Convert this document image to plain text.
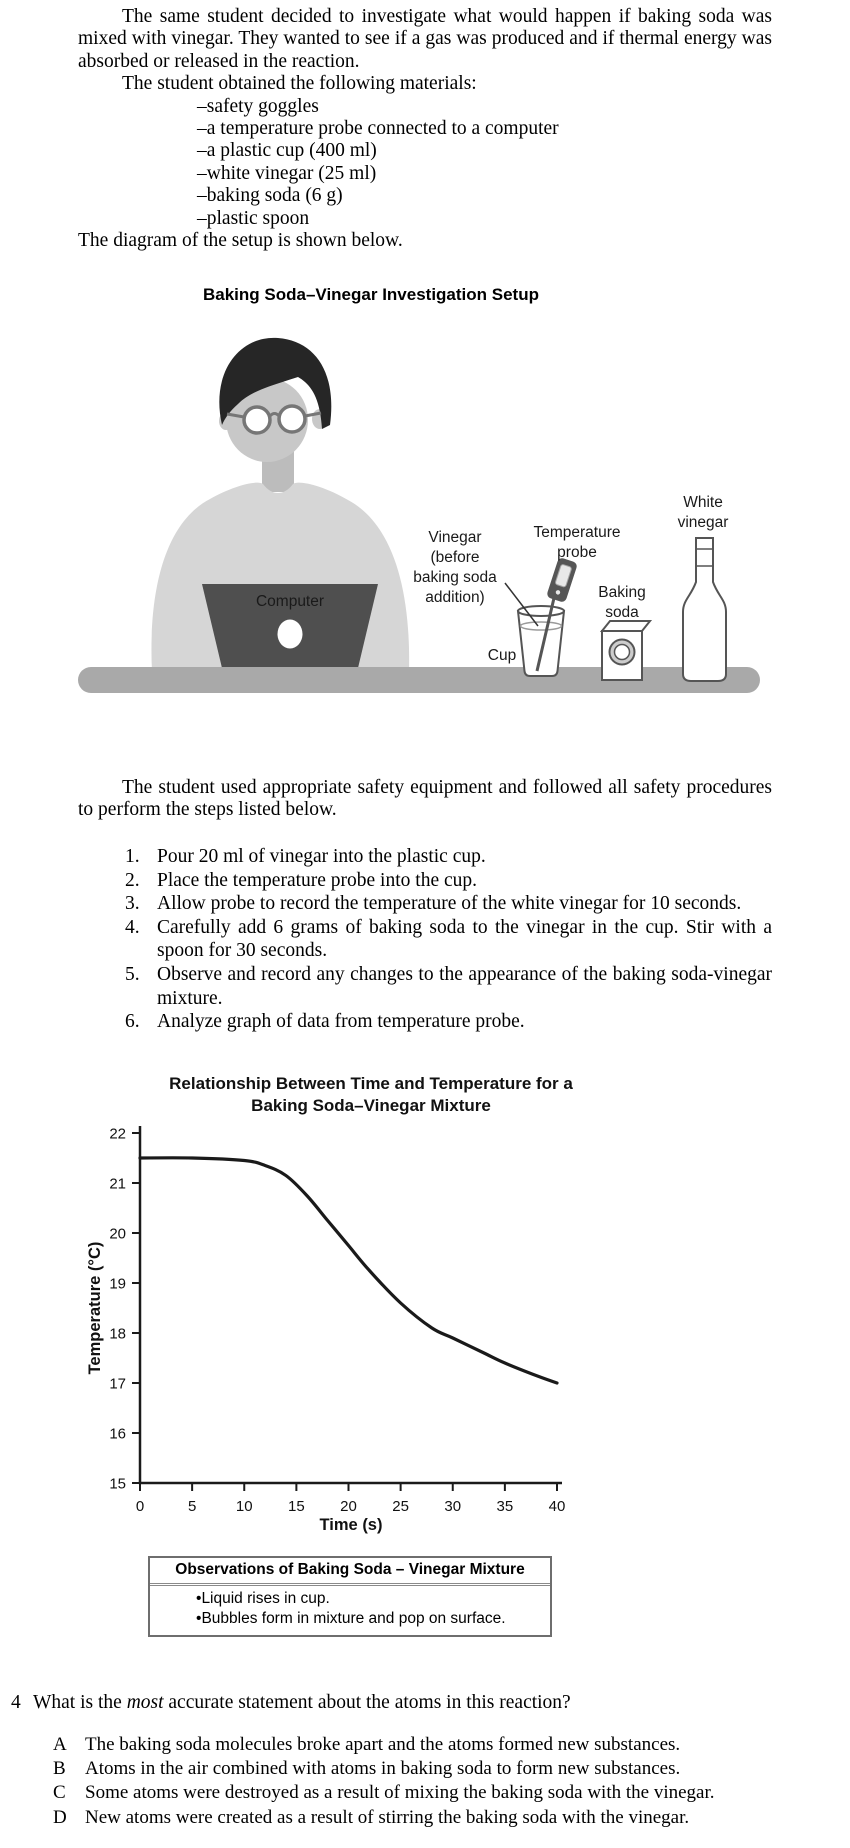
The same student decided to investigate what would happen if baking soda was mixed with vinegar. They wanted to see if a gas was produced and if thermal energy was absorbed or released in the reaction.

The student obtained the following materials:

– safety goggles
– a temperature probe connected to a computer
– a plastic cup (400 ml)
– white vinegar (25 ml)
– baking soda (6 g)
– plastic spoon

The diagram of the setup is shown below.

Baking Soda–Vinegar Investigation Setup
Computer
Vinegar
(before
baking soda
addition)
Temperature
probe
Cup
Baking
soda
White
vinegar

The student used appropriate safety equipment and followed all safety procedures to perform the steps listed below.

1. Pour 20 ml of vinegar into the plastic cup.
2. Place the temperature probe into the cup.
3. Allow probe to record the temperature of the white vinegar for 10 seconds.
4. Carefully add 6 grams of baking soda to the vinegar in the cup. Stir with a spoon for 30 seconds.
5. Observe and record any changes to the appearance of the baking soda-vinegar mixture.
6. Analyze graph of data from temperature probe.
Relationship Between Time and Temperature for a
Baking Soda–Vinegar Mixture
Temperature (°C)
Time (s)
15
16
17
18
19
20
21
22
0	5	10 15 20 25 30 35 40
Observations of Baking Soda – Vinegar Mixture
• Liquid rises in cup.
• Bubbles form in mixture and pop on surface.
4 What is the most accurate statement about the atoms in this reaction?
A The baking soda molecules broke apart and the atoms formed new substances.
B	Atoms in the air combined with atoms in baking soda to form new substances.
C	Some atoms were destroyed as a result of mixing the baking soda with the vinegar.
D New atoms were created as a result of stirring the baking soda with the vinegar.
